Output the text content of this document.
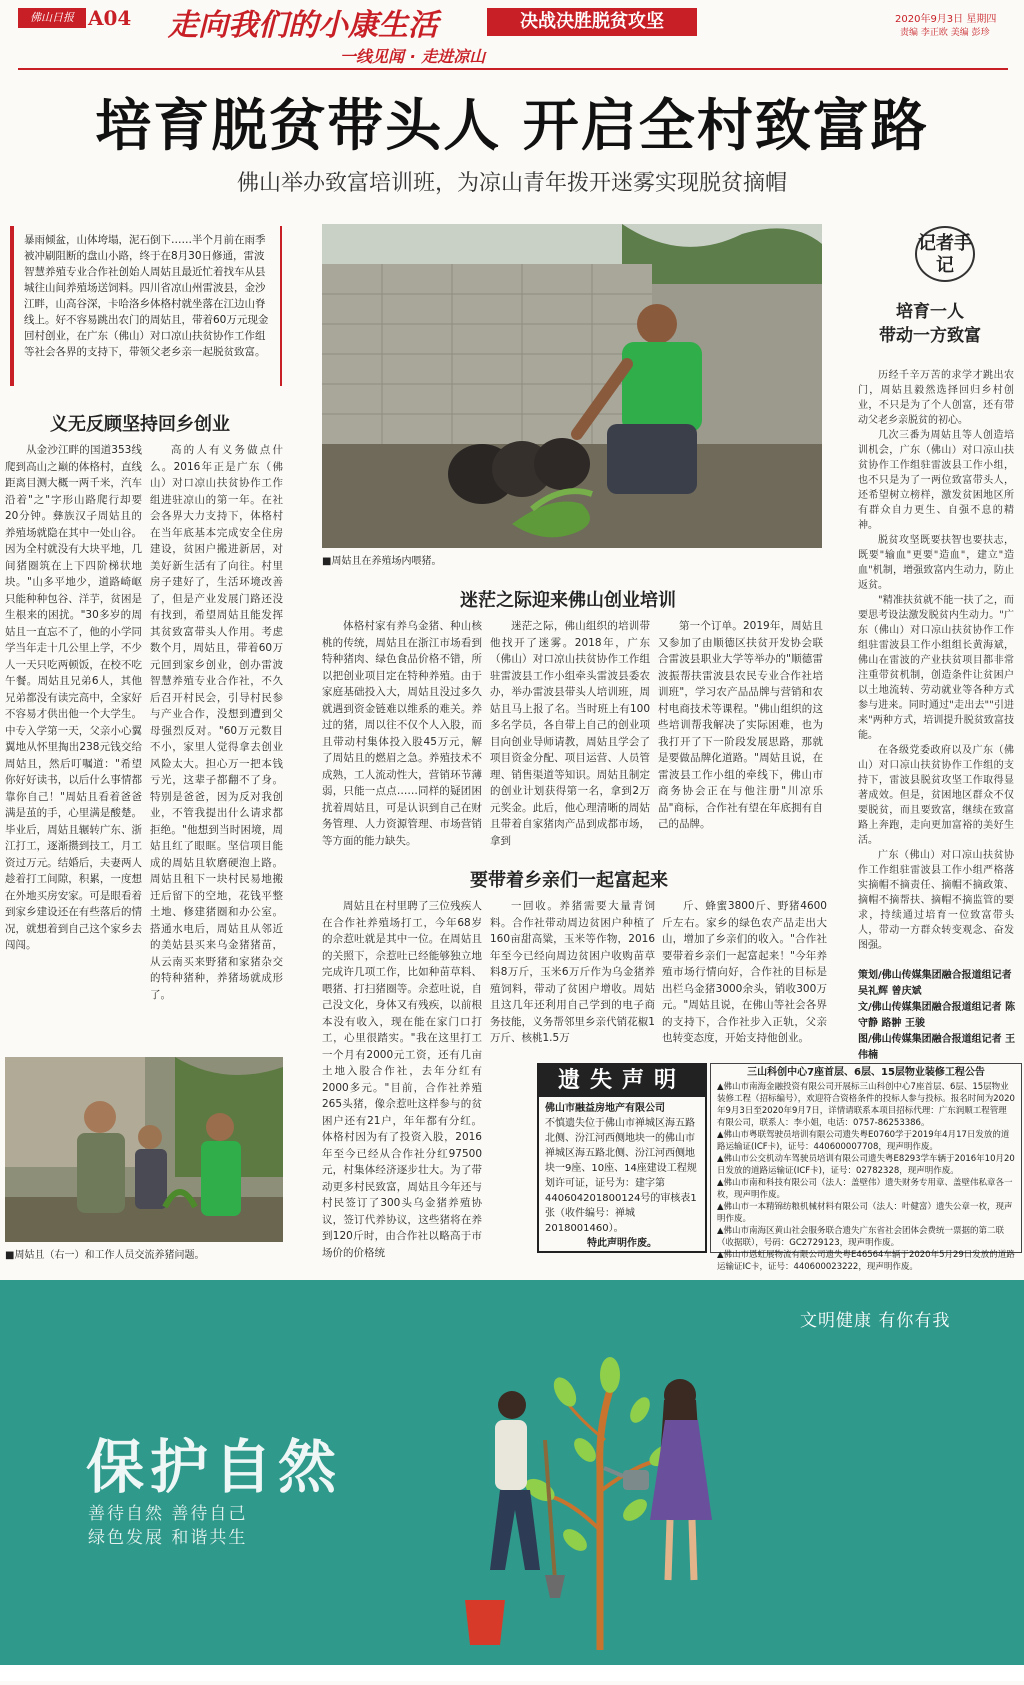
佛山日报 A04 走向我们的小康生活	决战决胜脱贫攻坚
一线见闻 · 走进凉山
2020年9月3日 星期四
责编 李正欧 美编 彭珍
培育脱贫带头人 开启全村致富路
佛山举办致富培训班，为凉山青年拨开迷雾实现脱贫摘帽
暴雨倾盆，山体垮塌，泥石倒下……半个月前在雨季被冲刷阻断的盘山小路，终于在8月30日修通，雷波智慧养殖专业合作社创始人周姑且最近忙着找车从县城往山间养殖场送饲料。四川省凉山州雷波县，金沙江畔，山高谷深，卡哈洛乡体格村就坐落在江边山脊线上。好不容易跳出农门的周姑且，带着60万元现金回村创业，在广东（佛山）对口凉山扶贫协作工作组等社会各界的支持下，带领父老乡亲一起脱贫致富。
■周姑且在养殖场内喂猪。
义无反顾坚持回乡创业

从金沙江畔的国道353线爬到高山之巅的体格村，直线距离目测大概一两千米，汽车沿着"之"字形山路爬行却要20分钟。彝族汉子周姑且的养殖场就隐在其中一处山谷。因为全村就没有大块平地，几间猪圈筑在上下四阶梯状地块。"山多平地少，道路崎岖只能种种包谷、洋芋，贫困是生根来的困扰。"30多岁的周姑且一直忘不了，他的小学同学当年走十几公里上学，不少人一天只吃两顿饭，在校不吃午餐。周姑且兄弟6人，其他兄弟都没有读完高中，全家好不容易才供出他一个大学生。中专入学第一天，父亲小心翼翼地从怀里掏出238元钱交给周姑且，然后叮嘱道："希望你好好读书，以后什么事情都靠你自己！"周姑且看着爸爸满是茧的手，心里满是酸楚。毕业后，周姑且辗转广东、浙江打工，逐渐攒到技工，月工资过万元。结婚后，夫妻两人趁着打工间隙，积累，一度想在外地买房安家。可是眼看着到家乡建设还在有些落后的情况，就想着到自己这个家乡去闯闯。

高的人有义务做点什么。2016年正是广东（佛山）对口凉山扶贫协作工作组进驻凉山的第一年。在社会各界大力支持下，体格村在当年底基本完成安全住房建设，贫困户搬进新居，对美好新生活有了向往。村里房子建好了，生活环境改善了，但是产业发展门路还没有找到，希望周姑且能发挥其贫致富带头人作用。考虑数个月，周姑且，带着60万元回到家乡创业，创办雷波智慧养殖专业合作社，不久后召开村民会，引导村民参与产业合作，没想到遭到父母强烈反对。"60万元数目不小，家里人觉得拿去创业风险太大。担心万一把本钱亏光，这辈子都翻不了身。特别是爸爸，因为反对我创业，不管我提出什么请求都拒绝。"他想到当时困境，周姑且红了眼眶。坚信项目能成的周姑且软磨硬泡上路。周姑且租下一块村民易地搬迁后留下的空地，花钱平整土地、修建猪圈和办公室。搭通水电后，周姑且从邻近的美姑县买来乌金猪猪苗，从云南买来野猪和家猪杂交的特种猪种，养猪场就成形了。

迷茫之际迎来佛山创业培训

体格村家有养乌金猪、种山核桃的传统，周姑且在浙江市场看到特种猪肉、绿色食品价格不错，所以把创业项目定在特种养殖。由于家庭基础投入大，周姑且没过多久就遇到资金链难以维系的难关。养过的猪，周以往不仅个人入股，而且带动村集体投入股45万元，解了周姑且的燃眉之急。养殖技术不成熟，工人流动性大，营销环节薄弱，只能一点点……同样的疑团困扰着周姑且，可是认识到自己在财务管理、人力资源管理、市场营销等方面的能力缺失。

迷茫之际，佛山组织的培训带他找开了迷雾。2018年，广东（佛山）对口凉山扶贫协作工作组驻雷波县工作小组牵头雷波县委农办，举办雷波县带头人培训班，周姑且马上报了名。当时班上有100多名学员，各自带上自己的创业项目向创业导师请教，周姑且学会了项目资金分配、项目运营、人员管理、销售渠道等知识。周姑且制定的创业计划获得第一名，拿到2万元奖金。此后，他心理清晰的周姑且带着自家猪肉产品到成都市场，拿到

第一个订单。2019年，周姑且又参加了由顺德区扶贫开发协会联合雷波县职业大学等举办的"顺德雷波振帮扶雷波县农民专业合作社培训班"，学习农产品品牌与营销和农村电商技术等课程。"佛山组织的这些培训帮我解决了实际困难，也为我打开了下一阶段发展思路，那就是要做品牌化道路。"周姑且说，在雷波县工作小组的牵线下，佛山市商务协会正在与他注册"川凉乐品"商标，合作社有望在年底拥有自己的品牌。

要带着乡亲们一起富起来

周姑且在村里聘了三位残疾人在合作社养殖场打工，今年68岁的佘惹吐就是其中一位。在周姑且的关照下，佘惹吐已经能够独立地完成许几项工作，比如种苗草料、喂猪、打扫猪圈等。佘惹吐说，自己没文化，身体又有残疾，以前根本没有收入，现在能在家门口打工，心里很踏实。"我在这里打工一个月有2000元工资，还有几亩土地入股合作社，去年分红有2000多元。"目前，合作社养殖265头猪，像佘惹吐这样参与的贫困户还有21户，年年都有分红。体格村因为有了投资入股，2016年至今已经从合作社分红97500元，村集体经济逐步壮大。为了带动更多村民致富，周姑且今年还与村民签订了300头乌金猪养殖协议，签订代养协议，这些猪将在养到120斤时，由合作社以略高于市场价的价格统

一回收。养猪需要大量青饲料。合作社带动周边贫困户种植了160亩甜高粱，玉米等作物，2016年至今已经向周边贫困户收购苗草料8万斤，玉米6万斤作为乌金猪养殖饲料，带动了贫困户增收。周姑且这几年还利用自己学到的电子商务技能，义务帮邻里乡亲代销花椒1万斤、核桃1.5万

斤、蜂蜜3800斤、野猪4600斤左右。家乡的绿色农产品走出大山，增加了乡亲们的收入。"合作社要带着乡亲们一起富起来！"今年养殖市场行情向好，合作社的目标是出栏乌金猪3000余头，销收300万元。"周姑且说，在佛山等社会各界的支持下，合作社步入正轨，父亲也转变态度，开始支持他创业。

■周姑且（右一）和工作人员交流养猪问题。
记者手记
培育一人
带动一方致富

历经千辛万苦的求学才跳出农门，周姑且毅然选择回归乡村创业，不只是为了个人创富，还有带动父老乡亲脱贫的初心。

几次三番为周姑且等人创造培训机会，广东（佛山）对口凉山扶贫协作工作组驻雷波县工作小组，也不只是为了一两位致富带头人，还希望树立榜样，激发贫困地区所有群众自力更生、自强不息的精神。

脱贫攻坚既要扶智也要扶志，既要"输血"更要"造血"，建立"造血"机制，增强致富内生动力，防止返贫。

"精准扶贫就不能一扶了之，而要思考设法激发脱贫内生动力。"广东（佛山）对口凉山扶贫协作工作组驻雷波县工作小组组长黄海斌，佛山在雷波的产业扶贫项目都非常注重带贫机制，创造条件让贫困户以土地流转、劳动就业等各种方式参与进来。同时通过"走出去""引进来"两种方式，培训提升脱贫致富技能。

在各级党委政府以及广东（佛山）对口凉山扶贫协作工作组的支持下，雷波县脱贫攻坚工作取得显著成效。但是，贫困地区群众不仅要脱贫，而且要致富，继续在致富路上奔跑，走向更加富裕的美好生活。

广东（佛山）对口凉山扶贫协作工作组驻雷波县工作小组严格落实摘帽不摘责任、摘帽不摘政策、摘帽不摘帮扶、摘帽不摘监管的要求，持续通过培育一位致富带头人，带动一方群众转变观念、奋发图强。

策划/佛山传媒集团融合报道组记者 吴礼辉 曾庆斌
文/佛山传媒集团融合报道组记者 陈守静 路翀 王骏
图/佛山传媒集团融合报道组记者 王伟楠
遗失声明
佛山市融益房地产有限公司
不慎遗失位于佛山市禅城区海五路北侧、汾江河西侧地块一的佛山市禅城区海五路北侧、汾江河西侧地块一9座、10座、14座建设工程规划许可证，证号为：建字第440604201800124号的审核表1张（收件编号：禅城2018001460）。
特此声明作废。
三山科创中心7座首层、6层、15层物业装修工程公告
▲佛山市南海金融投资有限公司开展标三山科创中心7座首层、6层、15层物业装修工程（招标编号），欢迎符合资格条件的投标人参与投标。报名时间为2020年9月3日至2020年9月7日，详情请联系本项目招标代理：广东润顺工程管理有限公司，联系人：李小姐，电话：0757-86253386。
▲佛山市粤联驾驶员培训有限公司遗失粤E0760学于2019年4月17日发放的道路运输证(ICF卡)，证号：440600007708，现声明作废。
▲佛山市公交机动车驾驶员培训有限公司遗失粤E8293学车辆于2016年10月20日发放的道路运输证(ICF卡)，证号：02782328，现声明作废。
▲佛山市南和科技有限公司（法人：盖壁伟）遗失财务专用章、盖壁伟私章各一枚，现声明作废。
▲佛山市一本精锦纺粮机械材料有限公司（法人：叶健富）遗失公章一枚，现声明作废。
▲佛山市南海区黄山社会服务联合遗失广东省社会团体会费统一票据的第二联（收据联），号码：GC2729123，现声明作废。
▲佛山市恩虹展物流有限公司遗失粤E46564车辆于2020年5月29日发放的道路运输证IC卡，证号：440600023222，现声明作废。
文明健康 有你有我
保护自然
善待自然 善待自己
绿色发展 和谐共生
